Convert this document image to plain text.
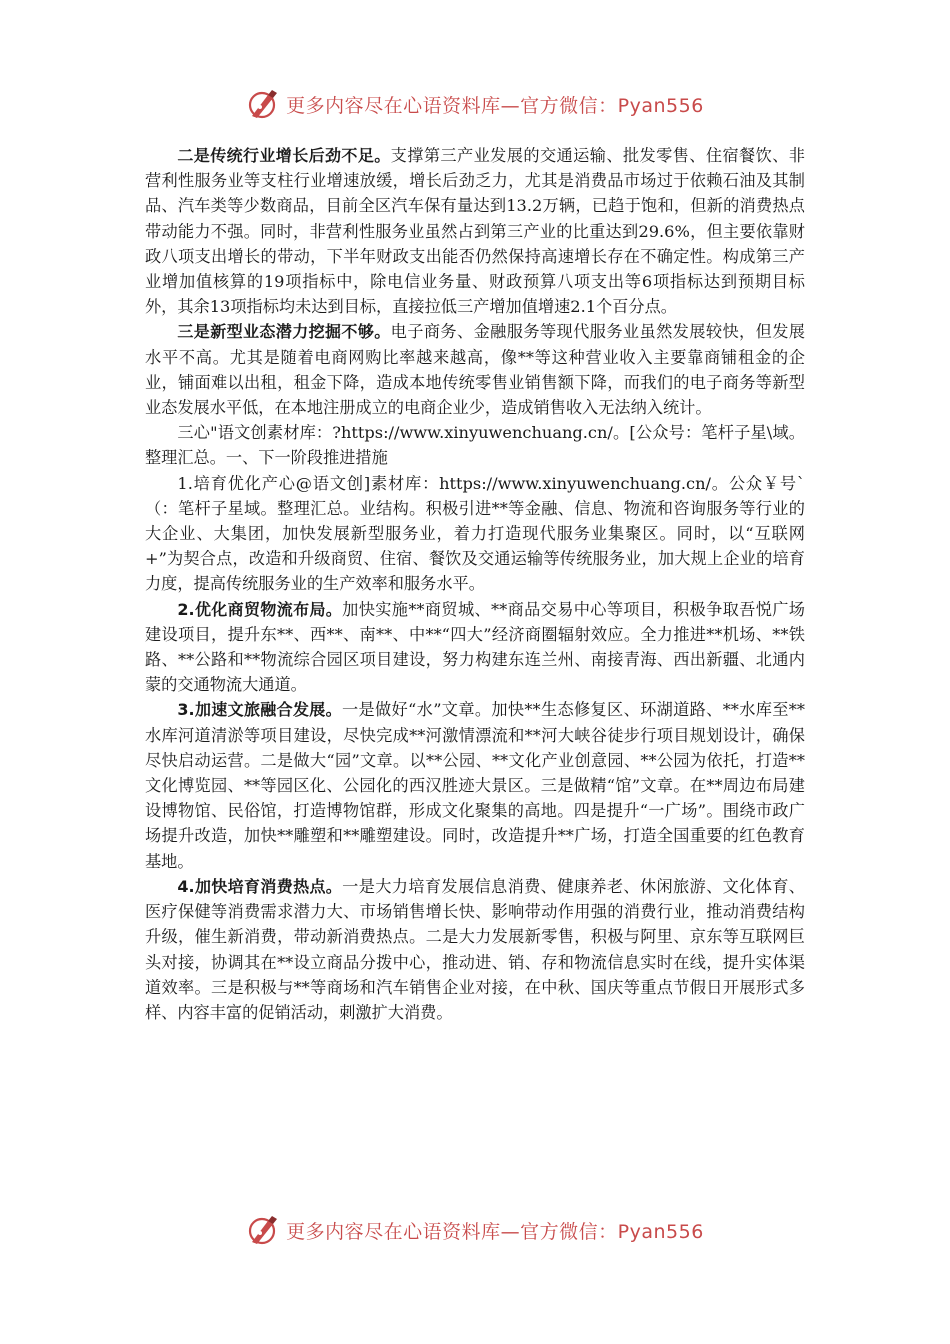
更多内容尽在心语资料库—官方微信：Pyan556

二是传统行业增长后劲不足。支撑第三产业发展的交通运输、批发零售、住宿餐饮、非营利性服务业等支柱行业增速放缓，增长后劲乏力，尤其是消费品市场过于依赖石油及其制品、汽车类等少数商品，目前全区汽车保有量达到13.2万辆，已趋于饱和，但新的消费热点带动能力不强。同时，非营利性服务业虽然占到第三产业的比重达到29.6%，但主要依靠财政八项支出增长的带动，下半年财政支出能否仍然保持高速增长存在不确定性。构成第三产业增加值核算的19项指标中，除电信业务量、财政预算八项支出等6项指标达到预期目标外，其余13项指标均未达到目标，直接拉低三产增加值增速2.1个百分点。

三是新型业态潜力挖掘不够。电子商务、金融服务等现代服务业虽然发展较快，但发展水平不高。尤其是随着电商网购比率越来越高，像**等这种营业收入主要靠商铺租金的企业，铺面难以出租，租金下降，造成本地传统零售业销售额下降，而我们的电子商务等新型业态发展水平低，在本地注册成立的电商企业少，造成销售收入无法纳入统计。

三心"语文创素材库：?https://www.xinyuwenchuang.cn/。[公众号：笔杆子星\域。整理汇总。一、下一阶段推进措施

1.培育优化产心@语文创]素材库：https://www.xinyuwenchuang.cn/。公众￥号`（：笔杆子星域。整理汇总。业结构。积极引进**等金融、信息、物流和咨询服务等行业的大企业、大集团，加快发展新型服务业，着力打造现代服务业集聚区。同时，以“互联网+”为契合点，改造和升级商贸、住宿、餐饮及交通运输等传统服务业，加大规上企业的培育力度，提高传统服务业的生产效率和服务水平。

2.优化商贸物流布局。加快实施**商贸城、**商品交易中心等项目，积极争取吾悦广场建设项目，提升东**、西**、南**、中**“四大”经济商圈辐射效应。全力推进**机场、**铁路、**公路和**物流综合园区项目建设，努力构建东连兰州、南接青海、西出新疆、北通内蒙的交通物流大通道。

3.加速文旅融合发展。一是做好“水”文章。加快**生态修复区、环湖道路、**水库至**水库河道清淤等项目建设，尽快完成**河激情漂流和**河大峡谷徒步行项目规划设计，确保尽快启动运营。二是做大“园”文章。以**公园、**文化产业创意园、**公园为依托，打造**文化博览园、**等园区化、公园化的西汉胜迹大景区。三是做精“馆”文章。在**周边布局建设博物馆、民俗馆，打造博物馆群，形成文化聚集的高地。四是提升“一广场”。围绕市政广场提升改造，加快**雕塑和**雕塑建设。同时，改造提升**广场，打造全国重要的红色教育基地。

4.加快培育消费热点。一是大力培育发展信息消费、健康养老、休闲旅游、文化体育、医疗保健等消费需求潜力大、市场销售增长快、影响带动作用强的消费行业，推动消费结构升级，催生新消费，带动新消费热点。二是大力发展新零售，积极与阿里、京东等互联网巨头对接，协调其在**设立商品分拨中心，推动进、销、存和物流信息实时在线，提升实体渠道效率。三是积极与**等商场和汽车销售企业对接，在中秋、国庆等重点节假日开展形式多样、内容丰富的促销活动，刺激扩大消费。

更多内容尽在心语资料库—官方微信：Pyan556
